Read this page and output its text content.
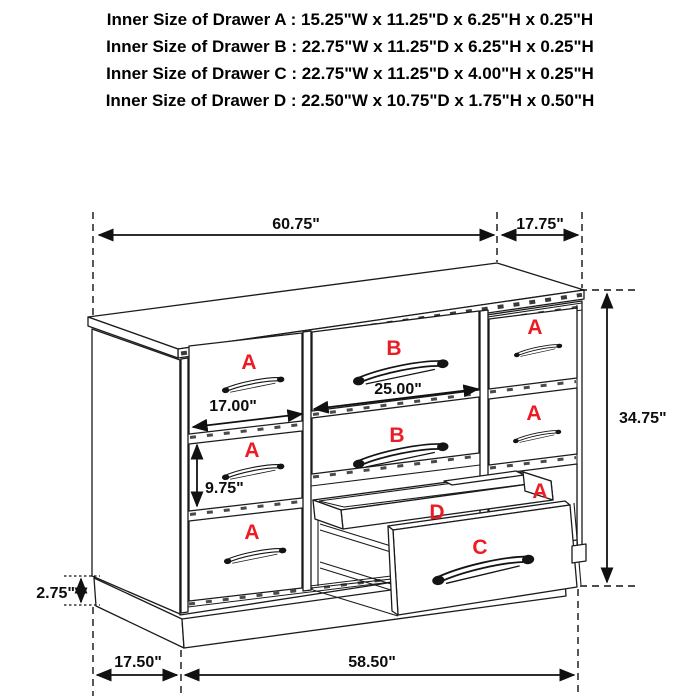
Inner Size of Drawer A : 15.25"W x 11.25"D x 6.25"H x 0.25"H

Inner Size of Drawer B : 22.75"W x 11.25"D x 6.25"H x 0.25"H

Inner Size of Drawer C : 22.75"W x 11.25"D x 4.00"H x 0.25"H

Inner Size of Drawer D : 22.50"W x 10.75"D x 1.75"H x 0.50"H

A
B
A
A
B
A
A
A
D
C
60.75"	17.75"
34.75"
17.00"
25.00"
9.75"
2.75"
17.50"	58.50"
